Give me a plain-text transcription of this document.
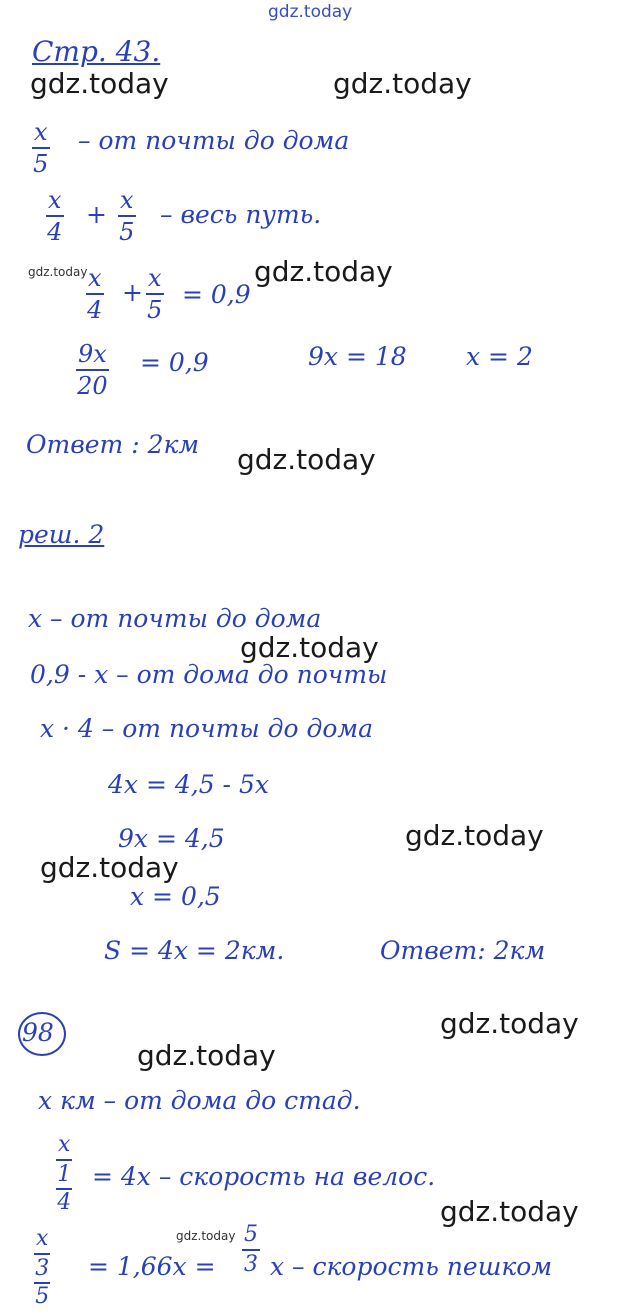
gdz.today
gdz.today	gdz.today
gdz.today	gdz.today
gdz.today
gdz.today
gdz.today
gdz.today
gdz.today
gdz.today
gdz.today
gdz.today
Стр. 43.
$\frac{x}{5}$ – от почты до дома
$\frac{x}{4} + \frac{x}{5}$ – весь путь.
$\frac{x}{4} + \frac{x}{5} = 0,9$
$\frac{9x}{20} = 0,9$	9x = 18 x = 2
Ответ : 2км
реш. 2
x – от почты до дома
0,9 - x – от дома до почты
x · 4 – от почты до дома
4x = 4,5 - 5x
9x = 4,5
x = 0,5
S = 4x = 2км.	Ответ: 2км
98
x км – от дома до стад.
x
1
4 = 4x – скорость на велос.
x
3
$5 = 1,66x = \frac{5}{3}$ x – скорость пешком
